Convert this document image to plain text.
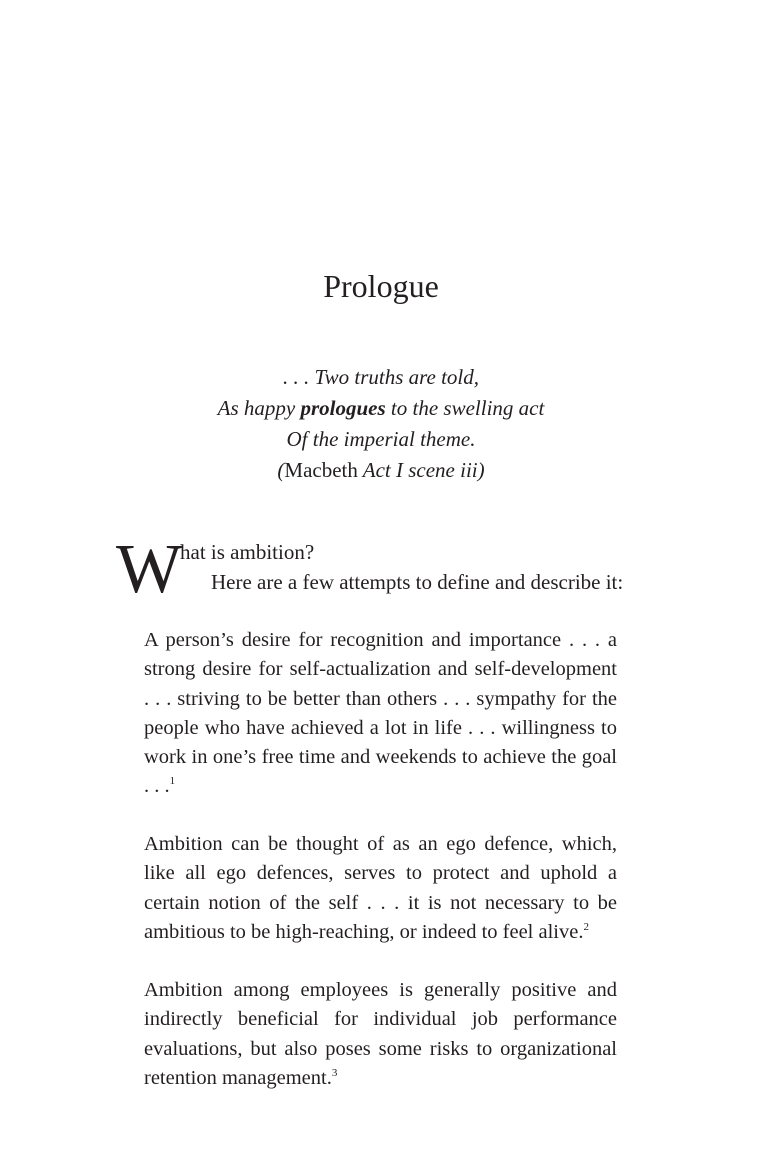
Prologue

. . . Two truths are told,

As happy prologues to the swelling act

Of the imperial theme.

(Macbeth Act I scene iii)

W
hat is ambition?
Here are a few attempts to define and describe it:

A person’s desire for recognition and importance . . . a strong desire for self-actualization and self-development . . . striving to be better than others . . . sympathy for the people who have achieved a lot in life . . . willingness to work in one’s free time and weekends to achieve the goal . . .$^1$

Ambition can be thought of as an ego defence, which, like all ego defences, serves to protect and uphold a certain notion of the self . . . it is not necessary to be ambitious to be high-reaching, or indeed to feel alive.$^2$

Ambition among employees is generally positive and indirectly beneficial for individual job performance evaluations, but also poses some risks to organizational retention management.$^3$
